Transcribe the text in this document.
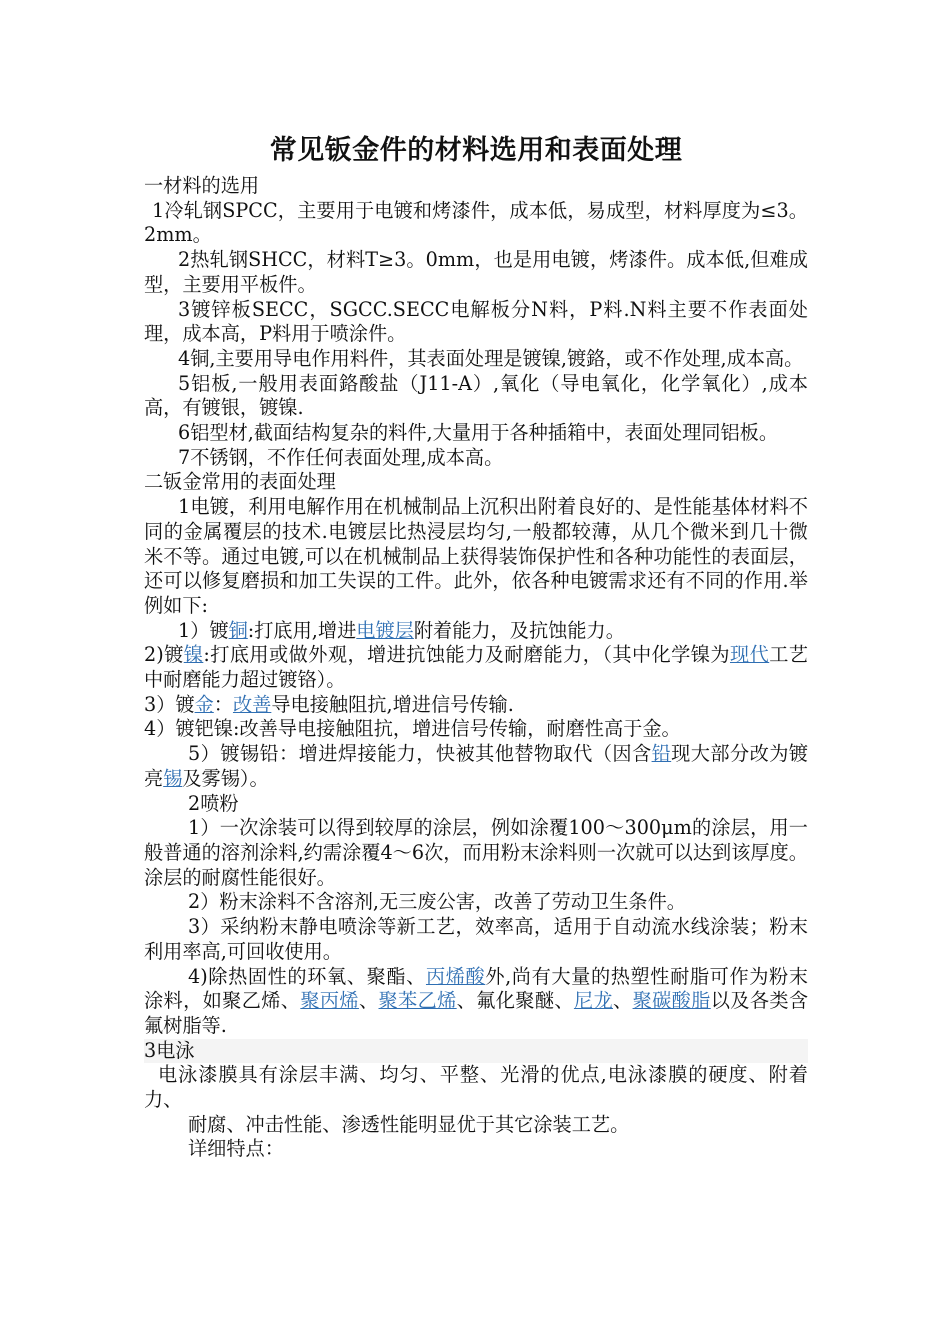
常见钣金件的材料选用和表面处理

一材料的选用

1冷轧钢SPCC，主要用于电镀和烤漆件，成本低，易成型，材料厚度为≤3。2mm。

2热轧钢SHCC，材料T≥3。0mm，也是用电镀，烤漆件。成本低,但难成型，主要用平板件。

3镀锌板SECC，SGCC.SECC电解板分N料，P料.N料主要不作表面处理，成本高，P料用于喷涂件。

4铜,主要用导电作用料件，其表面处理是镀镍,镀鉻，或不作处理,成本高。

5铝板,一般用表面鉻酸盐（J11-A）,氧化（导电氧化，化学氧化）,成本高，有镀银，镀镍.

6铝型材,截面结构复杂的料件,大量用于各种插箱中，表面处理同铝板。

7不锈钢，不作任何表面处理,成本高。

二钣金常用的表面处理

1电镀，利用电解作用在机械制品上沉积出附着良好的、是性能基体材料不同的金属覆层的技术.电镀层比热浸层均匀,一般都较薄，从几个微米到几十微米不等。通过电镀,可以在机械制品上获得装饰保护性和各种功能性的表面层，还可以修复磨损和加工失误的工件。此外，依各种电镀需求还有不同的作用.举例如下:

1）镀铜:打底用,增进电镀层附着能力，及抗蚀能力。

2)镀镍:打底用或做外观，增进抗蚀能力及耐磨能力，（其中化学镍为现代工艺中耐磨能力超过镀铬）。

3）镀金：改善导电接触阻抗,增进信号传输.

4）镀钯镍:改善导电接触阻抗，增进信号传输，耐磨性高于金。

5）镀锡铅：增进焊接能力，快被其他替物取代（因含铅现大部分改为镀亮锡及雾锡）。

2喷粉

1）一次涂装可以得到较厚的涂层，例如涂覆100～300μm的涂层，用一般普通的溶剂涂料,约需涂覆4～6次，而用粉末涂料则一次就可以达到该厚度。涂层的耐腐性能很好。

2）粉末涂料不含溶剂,无三废公害，改善了劳动卫生条件。

3）采纳粉末静电喷涂等新工艺，效率高，适用于自动流水线涂装；粉末利用率高,可回收使用。

4)除热固性的环氧、聚酯、丙烯酸外,尚有大量的热塑性耐脂可作为粉末涂料，如聚乙烯、聚丙烯、聚苯乙烯、氟化聚醚、尼龙、聚碳酸脂以及各类含氟树脂等.

3电泳

电泳漆膜具有涂层丰满、均匀、平整、光滑的优点,电泳漆膜的硬度、附着力、

耐腐、冲击性能、渗透性能明显优于其它涂装工艺。

详细特点：
